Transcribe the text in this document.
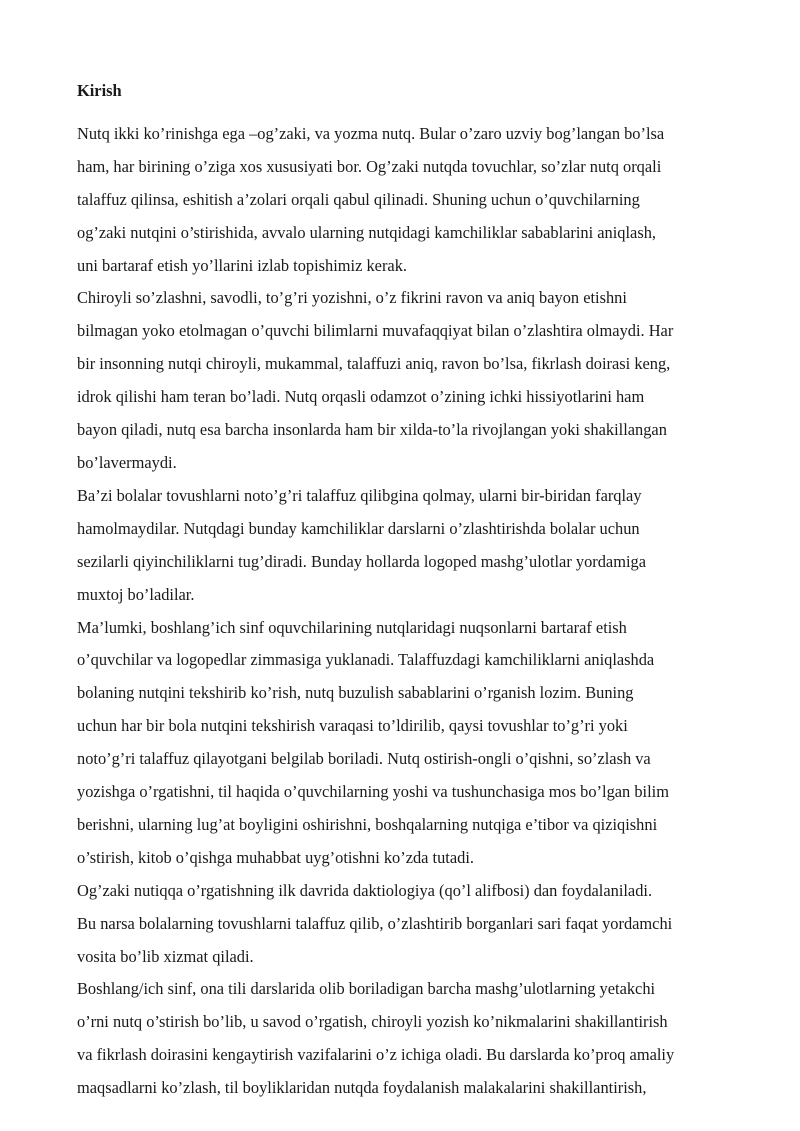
Kirish

Nutq ikki ko’rinishga ega –og’zaki, va yozma nutq. Bular o’zaro uzviy bog’langan bo’lsa
ham, har birining o’ziga xos xususiyati bor. Og’zaki nutqda tovuchlar, so’zlar nutq orqali
talaffuz qilinsa, eshitish a’zolari orqali qabul qilinadi. Shuning uchun o’quvchilarning
og’zaki nutqini o’stirishida, avvalo ularning nutqidagi kamchiliklar sabablarini aniqlash,
uni bartaraf etish yo’llarini izlab topishimiz kerak.

Chiroyli so’zlashni, savodli, to’g’ri yozishni, o’z fikrini ravon va aniq bayon etishni
bilmagan yoko etolmagan o’quvchi bilimlarni muvafaqqiyat bilan o’zlashtira olmaydi. Har
bir insonning nutqi chiroyli, mukammal, talaffuzi aniq, ravon bo’lsa, fikrlash doirasi keng,
idrok qilishi ham teran bo’ladi. Nutq orqasli odamzot o’zining ichki hissiyotlarini ham
bayon qiladi, nutq esa barcha insonlarda ham bir xilda-to’la rivojlangan yoki shakillangan
bo’lavermaydi.

Ba’zi bolalar tovushlarni noto’g’ri talaffuz qilibgina qolmay, ularni bir-biridan farqlay
hamolmaydilar. Nutqdagi bunday kamchiliklar darslarni o’zlashtirishda bolalar uchun
sezilarli qiyinchiliklarni tug’diradi. Bunday hollarda logoped mashg’ulotlar yordamiga
muxtoj bo’ladilar.

Ma’lumki, boshlang’ich sinf oquvchilarining nutqlaridagi nuqsonlarni bartaraf etish
o’quvchilar va logopedlar zimmasiga yuklanadi. Talaffuzdagi kamchiliklarni aniqlashda
bolaning nutqini tekshirib ko’rish, nutq buzulish sabablarini o’rganish lozim. Buning
uchun har bir bola nutqini tekshirish varaqasi to’ldirilib, qaysi tovushlar to’g’ri yoki
noto’g’ri talaffuz qilayotgani belgilab boriladi. Nutq ostirish-ongli o’qishni, so’zlash va
yozishga o’rgatishni, til haqida o’quvchilarning yoshi va tushunchasiga mos bo’lgan bilim
berishni, ularning lug’at boyligini oshirishni, boshqalarning nutqiga e’tibor va qiziqishni
o’stirish, kitob o’qishga muhabbat uyg’otishni ko’zda tutadi.

Og’zaki nutiqqa o’rgatishning ilk davrida daktiologiya (qo’l alifbosi) dan foydalaniladi.
Bu narsa bolalarning tovushlarni talaffuz qilib, o’zlashtirib borganlari sari faqat yordamchi
vosita bo’lib xizmat qiladi.

Boshlang/ich sinf, ona tili darslarida olib boriladigan barcha mashg’ulotlarning yetakchi
o’rni nutq o’stirish bo’lib, u savod o’rgatish, chiroyli yozish ko’nikmalarini shakillantirish
va fikrlash doirasini kengaytirish vazifalarini o’z ichiga oladi. Bu darslarda ko’proq amaliy
maqsadlarni ko’zlash, til boyliklaridan nutqda foydalanish malakalarini shakillantirish,
